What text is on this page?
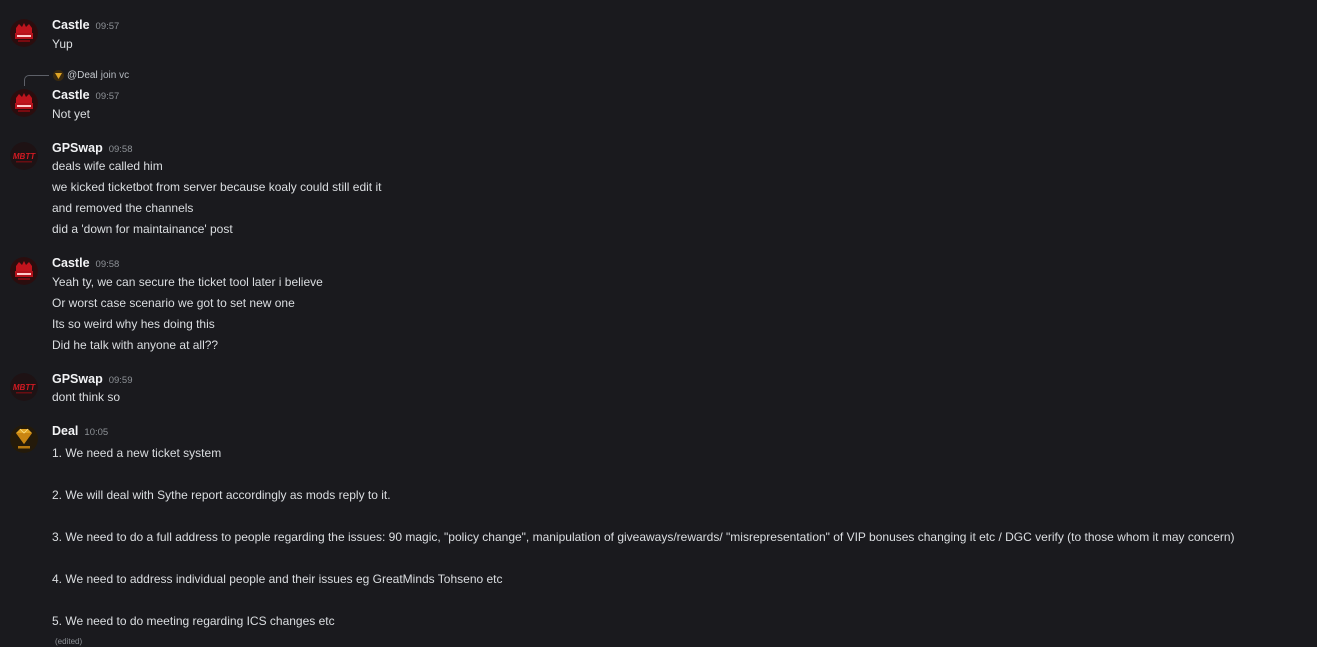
Castle 09:57
Yup
@Deal join vc
Castle 09:57
Not yet
MBTT
GPSwap 09:58
deals wife called him
we kicked ticketbot from server because koaly could still edit it
and removed the channels
did a 'down for maintainance' post
Castle 09:58
Yeah ty, we can secure the ticket tool later i believe
Or worst case scenario we got to set new one
Its so weird why hes doing this
Did he talk with anyone at all??
MBTT
GPSwap 09:59
dont think so
Deal 10:05
1. We need a new ticket system
2. We will deal with Sythe report accordingly as mods reply to it.
3. We need to do a full address to people regarding the issues: 90 magic, "policy change", manipulation of giveaways/rewards/ "misrepresentation" of VIP bonuses changing it etc / DGC verify (to those whom it may concern)
4. We need to address individual people and their issues eg GreatMinds Tohseno etc
5. We need to do meeting regarding ICS changes etc
(edited)
